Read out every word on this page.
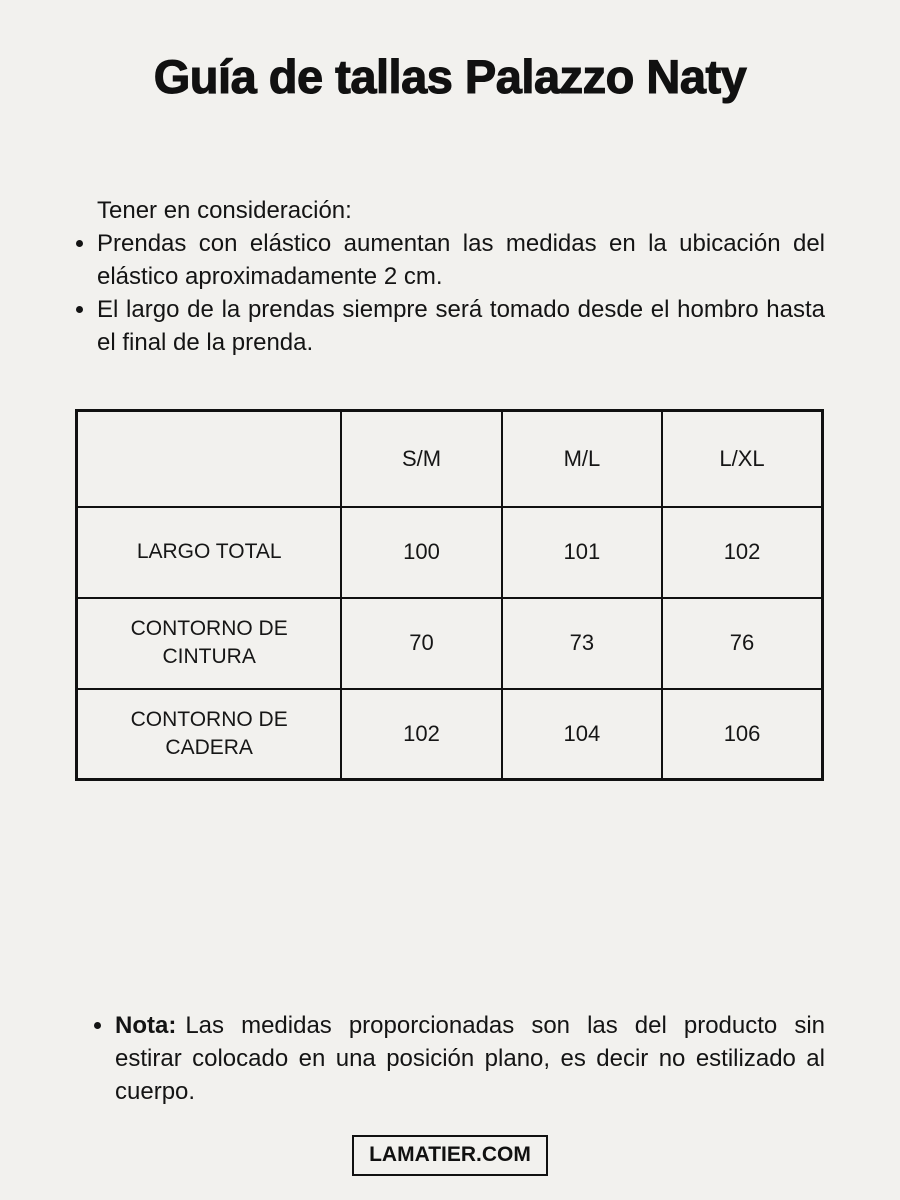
Guía de tallas Palazzo Naty

Tener en consideración:

• Prendas con elástico aumentan las medidas en la ubicación del elástico aproximadamente 2 cm.
• El largo de la prendas siempre será tomado desde el hombro hasta el final de la prenda.
	S/M	M/L	L/XL

LARGO TOTAL	100	101	102

CONTORNO DE CINTURA	70	73	76

CONTORNO DE CADERA	102	104	106
• Nota: Las medidas proporcionadas son las del producto sin estirar colocado en una posición plano, es decir no estilizado al cuerpo.
LAMATIER.COM
